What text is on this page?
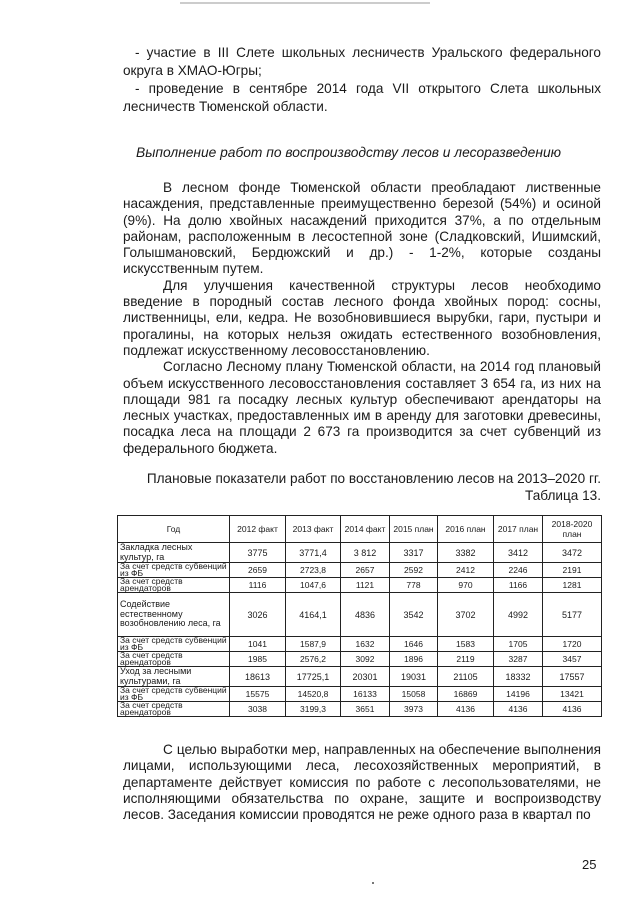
- участие в III Слете школьных лесничеств Уральского федерального округа в ХМАО-Югры;

- проведение в сентябре 2014 года VII открытого Слета школьных лесничеств Тюменской области.

Выполнение работ по воспроизводству лесов и лесоразведению

В лесном фонде Тюменской области преобладают лиственные насаждения, представленные преимущественно березой (54%) и осиной (9%). На долю хвойных насаждений приходится 37%, а по отдельным районам, расположенным в лесостепной зоне (Сладковский, Ишимский, Голышмановский, Бердюжский и др.) - 1-2%, которые созданы искусственным путем.

Для улучшения качественной структуры лесов необходимо введение в породный состав лесного фонда хвойных пород: сосны, лиственницы, ели, кедра. Не возобновившиеся вырубки, гари, пустыри и прогалины, на которых нельзя ожидать естественного возобновления, подлежат искусственному лесовосстановлению.

Согласно Лесному плану Тюменской области, на 2014 год плановый объем искусственного лесовосстановления составляет 3 654 га, из них на площади 981 га посадку лесных культур обеспечивают арендаторы на лесных участках, предоставленных им в аренду для заготовки древесины, посадка леса на площади 2 673 га производится за счет субвенций из федерального бюджета.

Плановые показатели работ по восстановлению лесов на 2013–2020 гг.
Таблица 13.
Год	2012 факт	2013 факт	2014 факт	2015 план	2016 план	2017 план	2018-2020 план
Закладка лесных культур, га	3775	3771,4	3 812	3317	3382	3412	3472
За счет средств субвенций из ФБ	2659	2723,8	2657	2592	2412	2246	2191
За счет средств арендаторов	1116	1047,6	1121	778	970	1166	1281
Содействие естественному возобновлению леса, га	3026	4164,1	4836	3542	3702	4992	5177
За счет средств субвенций из ФБ	1041	1587,9	1632	1646	1583	1705	1720
За счет средств арендаторов	1985	2576,2	3092	1896	2119	3287	3457
Уход за лесными культурами, га	18613	17725,1	20301	19031	21105	18332	17557
За счет средств субвенций из ФБ	15575	14520,8	16133	15058	16869	14196	13421
За счет средств арендаторов	3038	3199,3	3651	3973	4136	4136	4136

С целью выработки мер, направленных на обеспечение выполнения лицами, использующими леса, лесохозяйственных мероприятий, в департаменте действует комиссия по работе с лесопользователями, не исполняющими обязательства по охране, защите и воспроизводству лесов. Заседания комиссии проводятся не реже одного раза в квартал по

25
